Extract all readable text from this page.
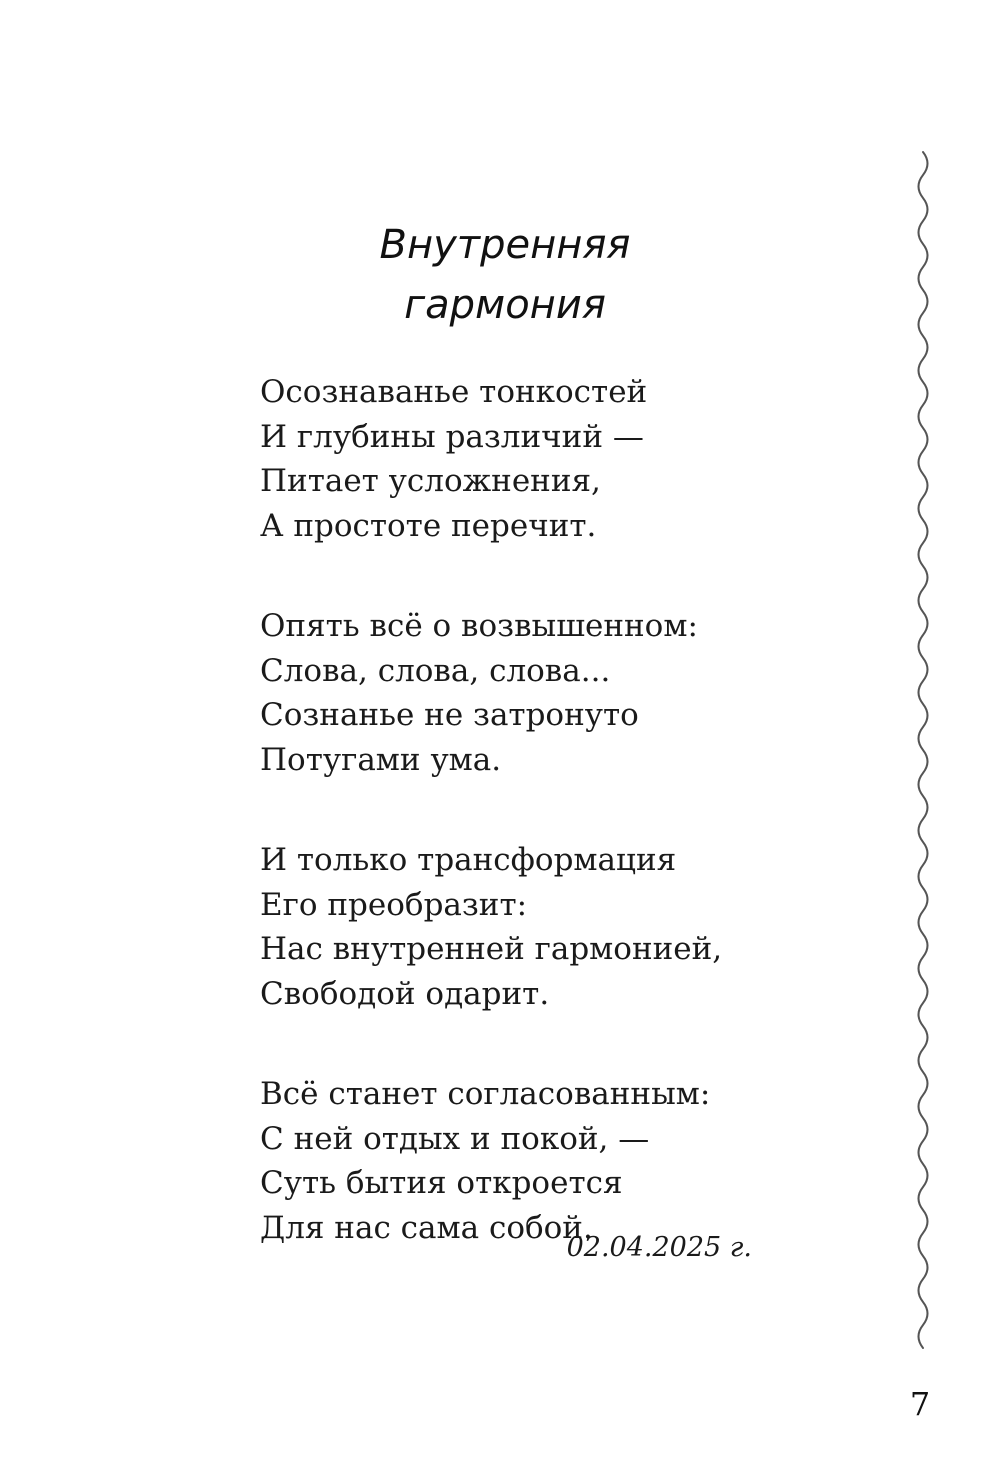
Внутренняя
гармония
Осознаванье тонкостей
И глубины различий —
Питает усложнения,
А простоте перечит.
Опять всё о возвышенном:
Слова, слова, слова...
Сознанье не затронуто
Потугами ума.
И только трансформация
Его преобразит:
Нас внутренней гармонией,
Свободой одарит.
Всё станет согласованным:
С ней отдых и покой, —
Суть бытия откроется
Для нас сама собой.
02.04.2025 г.
7
